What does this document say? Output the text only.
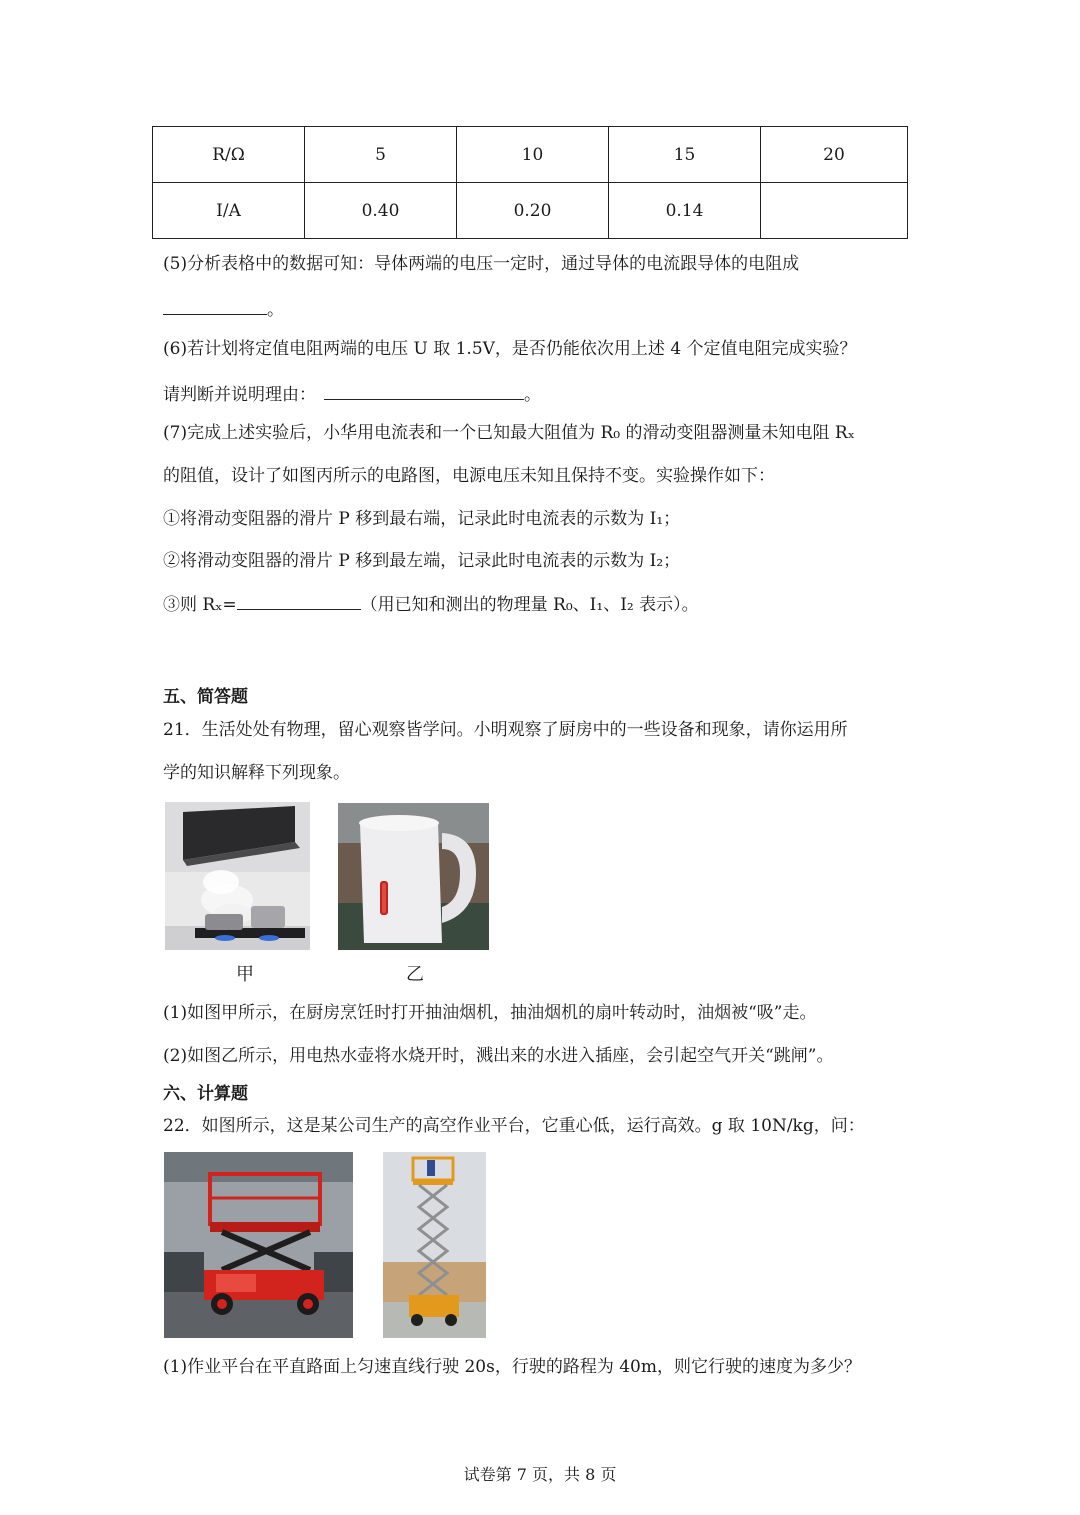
R/Ω	5	10	15	20
I/A	0.40	0.20	0.14	
(5)分析表格中的数据可知：导体两端的电压一定时，通过导体的电流跟导体的电阻成
。
(6)若计划将定值电阻两端的电压 U 取 1.5V，是否仍能依次用上述 4 个定值电阻完成实验？
请判断并说明理由：	。
(7)完成上述实验后，小华用电流表和一个已知最大阻值为 R₀ 的滑动变阻器测量未知电阻 Rₓ
的阻值，设计了如图丙所示的电路图，电源电压未知且保持不变。实验操作如下：
①将滑动变阻器的滑片 P 移到最右端，记录此时电流表的示数为 I₁；
②将滑动变阻器的滑片 P 移到最左端，记录此时电流表的示数为 I₂；
③则 Rₓ=	（用已知和测出的物理量 R₀、I₁、I₂ 表示）。
五、简答题
21．生活处处有物理，留心观察皆学问。小明观察了厨房中的一些设备和现象，请你运用所
学的知识解释下列现象。
甲	乙
(1)如图甲所示，在厨房烹饪时打开抽油烟机，抽油烟机的扇叶转动时，油烟被“吸”走。
(2)如图乙所示，用电热水壶将水烧开时，溅出来的水进入插座，会引起空气开关“跳闸”。
六、计算题
22．如图所示，这是某公司生产的高空作业平台，它重心低，运行高效。g 取 10N/kg，问：
(1)作业平台在平直路面上匀速直线行驶 20s，行驶的路程为 40m，则它行驶的速度为多少？
试卷第 7 页，共 8 页
